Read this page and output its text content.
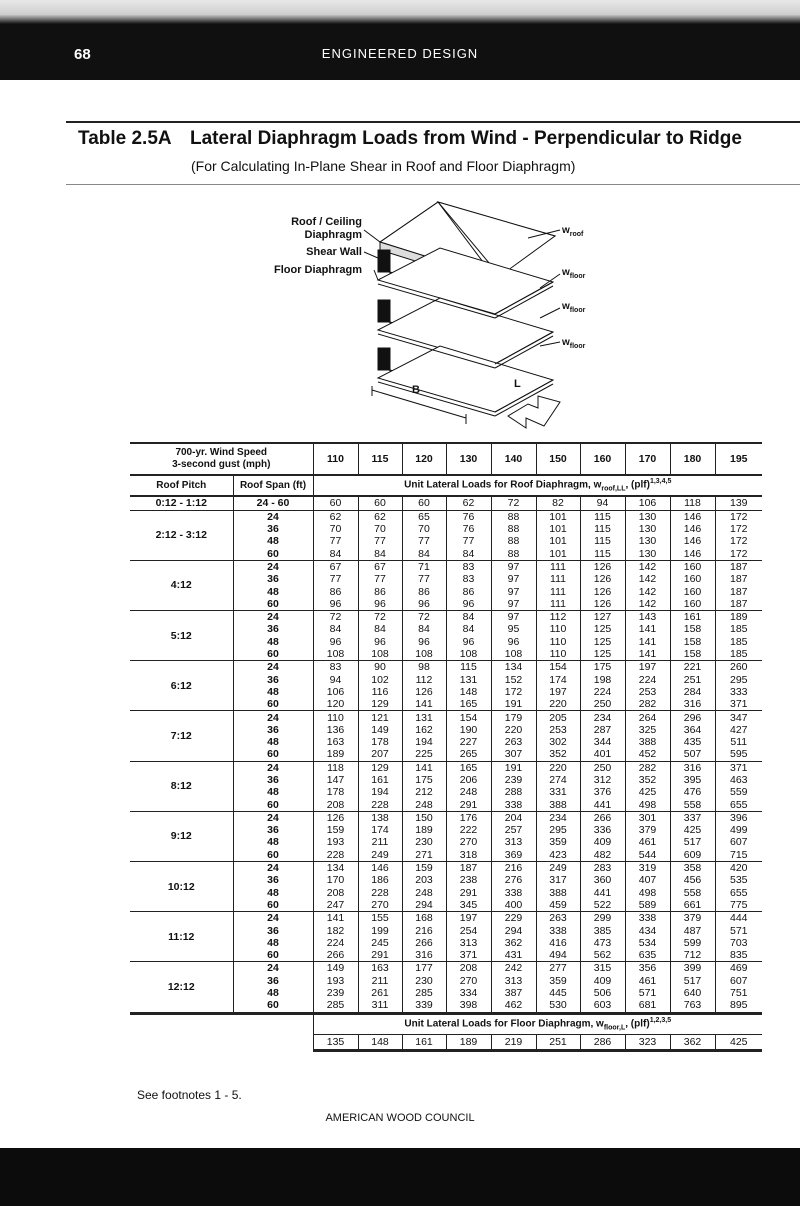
68	ENGINEERED DESIGN
Table 2.5A Lateral Diaphragm Loads from Wind - Perpendicular to Ridge
(For Calculating In-Plane Shear in Roof and Floor Diaphragm)
Roof / Ceiling Diaphragm
Shear Wall
Floor Diaphragm
$w_{roof}$
$w_{floor}$
$w_{floor}$
$w_{floor}$
B	L
700-yr. Wind Speed
3-second gust (mph)		110	115	120	130	140	150	160	170	180	195
Roof Pitch	Roof Span (ft)	Unit Lateral Loads for Roof Diaphragm, $w_{roof,LL}$, (plf)$^{1,3,4,5}$
0:12 - 1:12	24 - 60	60	60	60	62	72	82	94	106	118	139
2:12 - 3:12	24	62	62	65	76	88	101	115	130	146	172
	36	70	70	70	76	88	101	115	130	146	172
	48	77	77	77	77	88	101	115	130	146	172
	60	84	84	84	84	88	101	115	130	146	172
4:12	24	67	67	71	83	97	111	126	142	160	187
	36	77	77	77	83	97	111	126	142	160	187
	48	86	86	86	86	97	111	126	142	160	187
	60	96	96	96	96	97	111	126	142	160	187
5:12	24	72	72	72	84	97	112	127	143	161	189
	36	84	84	84	84	95	110	125	141	158	185
	48	96	96	96	96	96	110	125	141	158	185
	60	108	108	108	108	108	110	125	141	158	185
6:12	24	83	90	98	115	134	154	175	197	221	260
	36	94	102	112	131	152	174	198	224	251	295
	48	106	116	126	148	172	197	224	253	284	333
	60	120	129	141	165	191	220	250	282	316	371
7:12	24	110	121	131	154	179	205	234	264	296	347
	36	136	149	162	190	220	253	287	325	364	427
	48	163	178	194	227	263	302	344	388	435	511
	60	189	207	225	265	307	352	401	452	507	595
8:12	24	118	129	141	165	191	220	250	282	316	371
	36	147	161	175	206	239	274	312	352	395	463
	48	178	194	212	248	288	331	376	425	476	559
	60	208	228	248	291	338	388	441	498	558	655
9:12	24	126	138	150	176	204	234	266	301	337	396
	36	159	174	189	222	257	295	336	379	425	499
	48	193	211	230	270	313	359	409	461	517	607
	60	228	249	271	318	369	423	482	544	609	715
10:12	24	134	146	159	187	216	249	283	319	358	420
	36	170	186	203	238	276	317	360	407	456	535
	48	208	228	248	291	338	388	441	498	558	655
	60	247	270	294	345	400	459	522	589	661	775
11:12	24	141	155	168	197	229	263	299	338	379	444
	36	182	199	216	254	294	338	385	434	487	571
	48	224	245	266	313	362	416	473	534	599	703
	60	266	291	316	371	431	494	562	635	712	835
12:12	24	149	163	177	208	242	277	315	356	399	469
	36	193	211	230	270	313	359	409	461	517	607
	48	239	261	285	334	387	445	506	571	640	751
	60	285	311	339	398	462	530	603	681	763	895
		Unit Lateral Loads for Floor Diaphragm, $w_{floor,L}$, (plf)$^{1,2,3,5}$
		135	148	161	189	219	251	286	323	362	425
See footnotes 1 - 5.
AMERICAN WOOD COUNCIL
